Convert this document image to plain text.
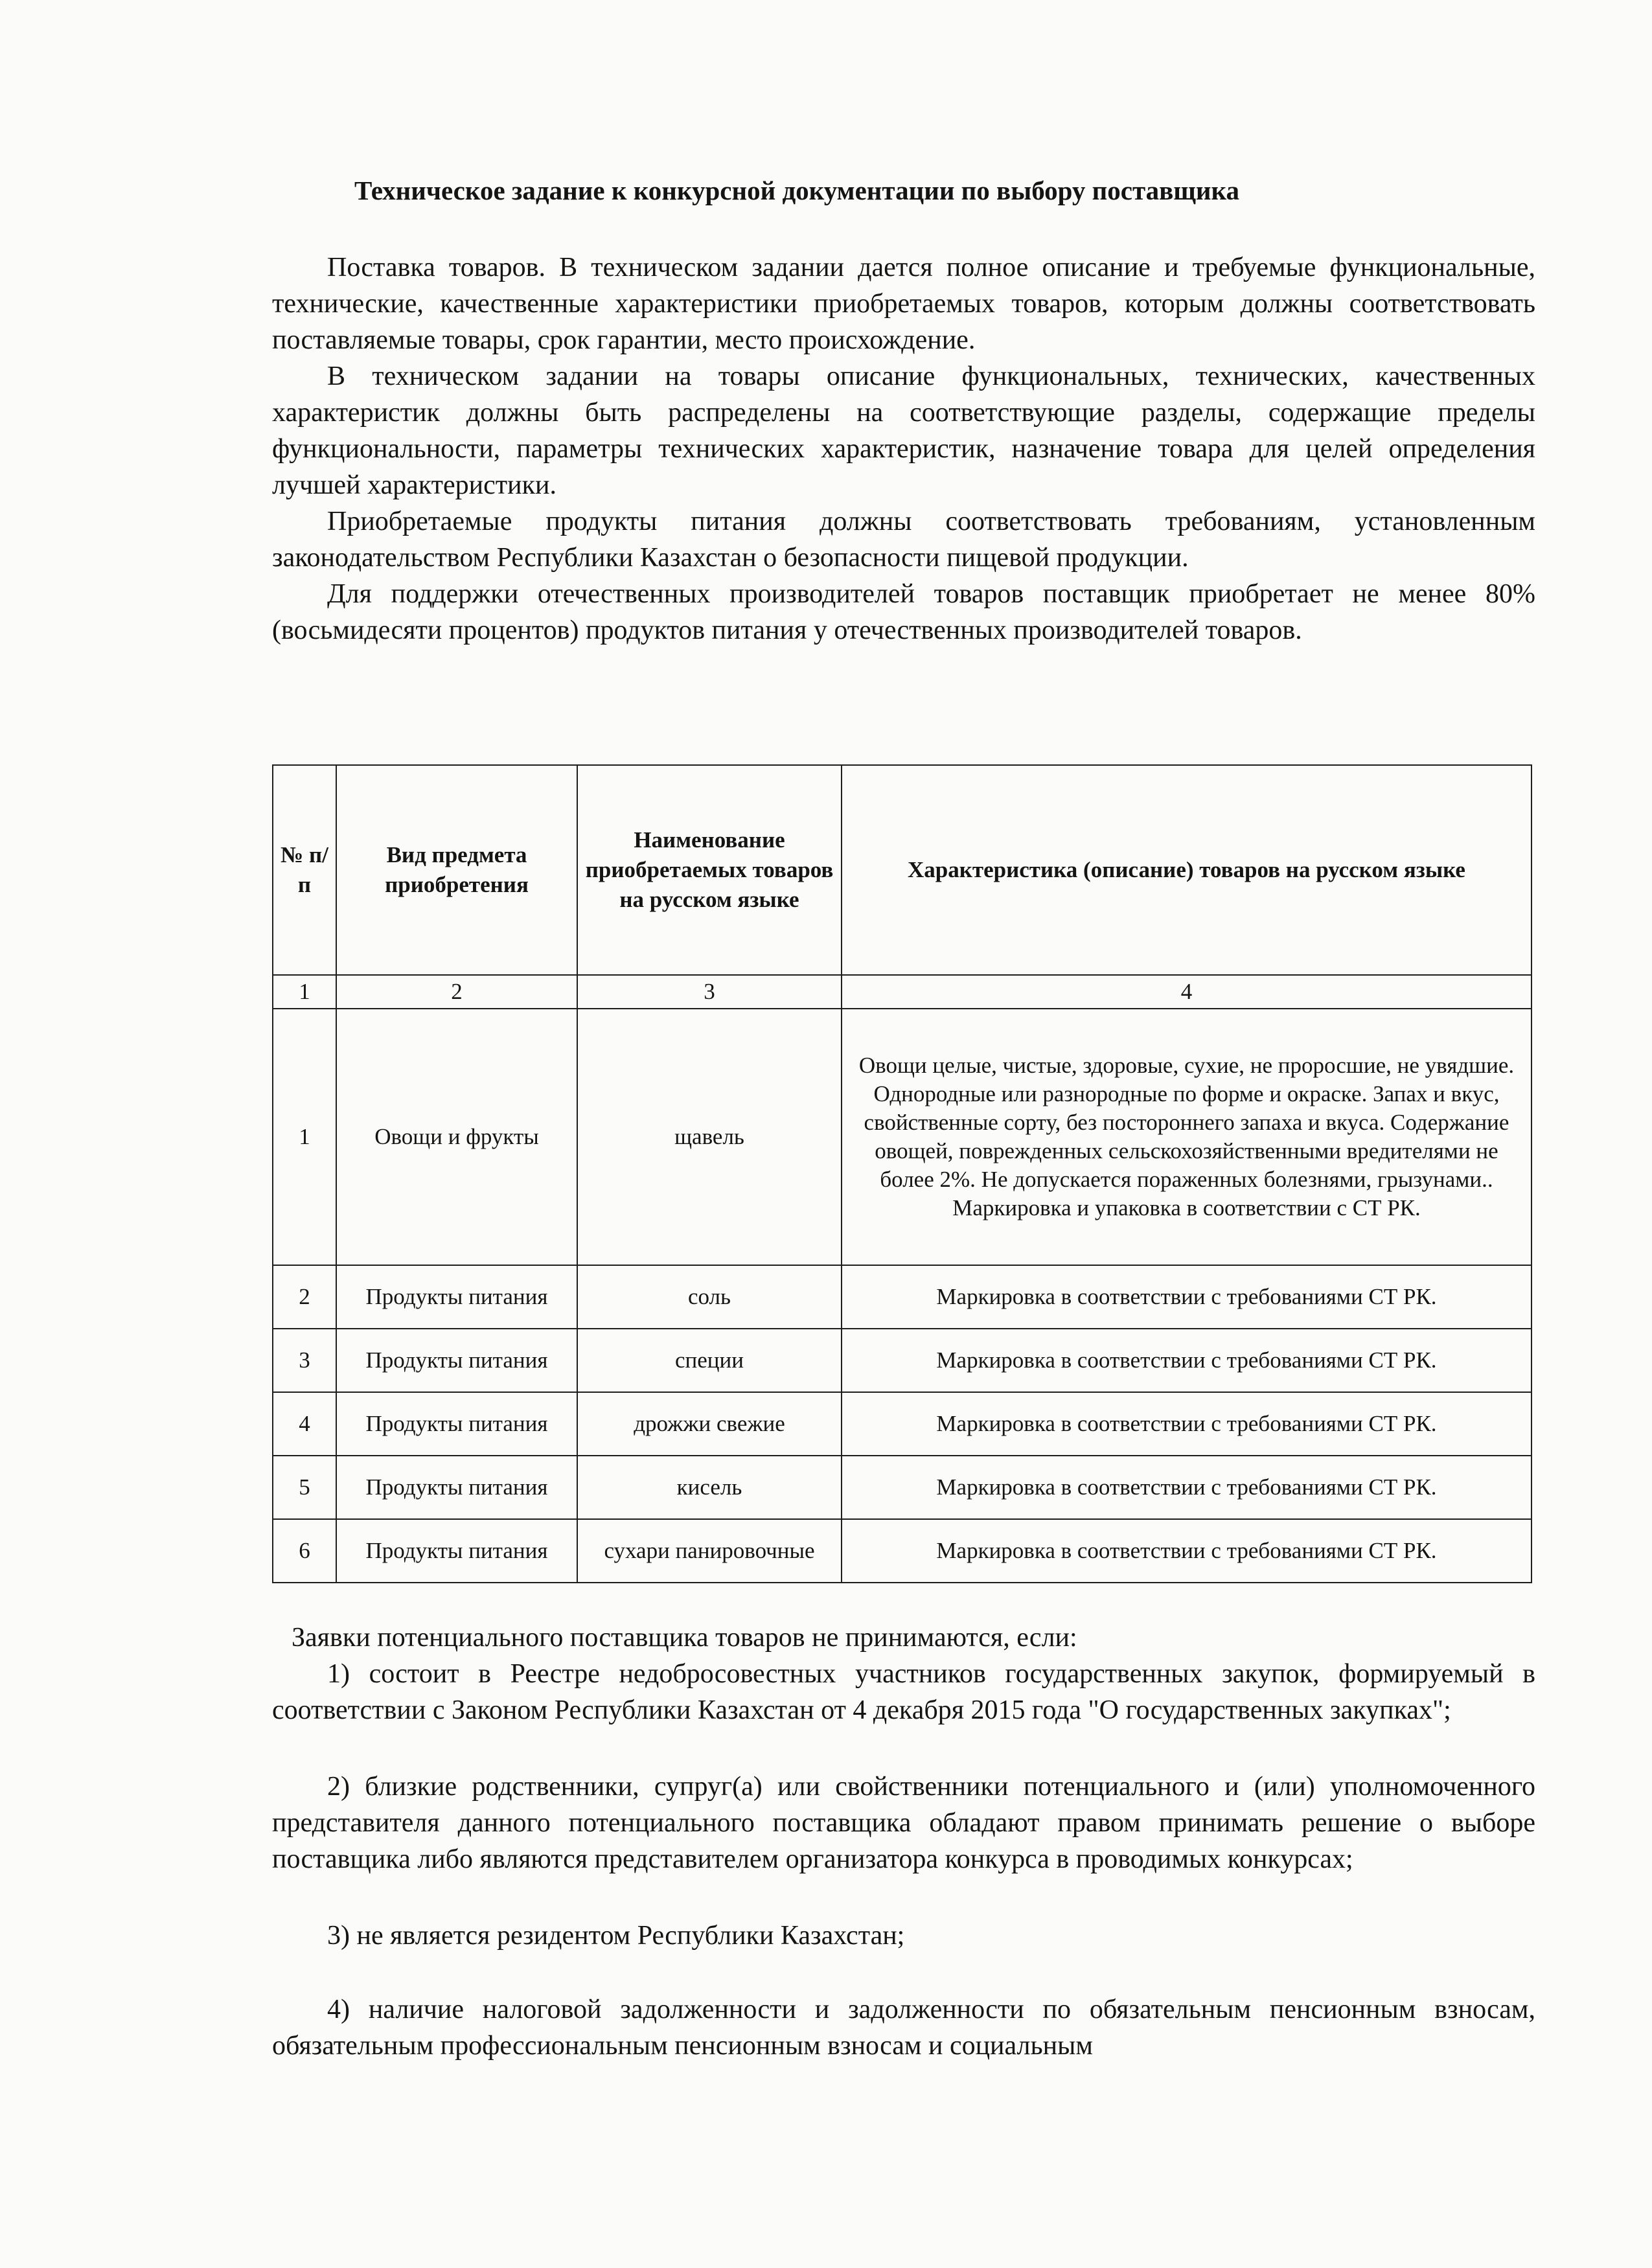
Техническое задание к конкурсной документации по выбору поставщика

Поставка товаров. В техническом задании дается полное описание и требуемые функциональные, технические, качественные характеристики приобретаемых товаров, которым должны соответствовать поставляемые товары, срок гарантии, место происхождение.

В техническом задании на товары описание функциональных, технических, качественных характеристик должны быть распределены на соответствующие разделы, содержащие пределы функциональности, параметры технических характеристик, назначение товара для целей определения лучшей характеристики.

Приобретаемые продукты питания должны соответствовать требованиям, установленным законодательством Республики Казахстан о безопасности пищевой продукции.

Для поддержки отечественных производителей товаров поставщик приобретает не менее 80% (восьмидесяти процентов) продуктов питания у отечественных производителей товаров.

№ п/п	Вид предмета приобретения	Наименование приобретаемых товаров на русском языке	Характеристика (описание) товаров на русском языке
1	2	3	4
1	Овощи и фрукты	щавель	Овощи целые, чистые, здоровые, сухие, не проросшие, не увядшие. Однородные или разнородные по форме и окраске. Запах и вкус, свойственные сорту, без постороннего запаха и вкуса. Содержание овощей, поврежденных сельскохозяйственными вредителями не более 2%. Не допускается пораженных болезнями, грызунами.. Маркировка и упаковка в соответствии с СТ РК.
2	Продукты питания	соль	Маркировка в соответствии с требованиями СТ РК.
3	Продукты питания	специи	Маркировка в соответствии с требованиями СТ РК.
4	Продукты питания	дрожжи свежие	Маркировка в соответствии с требованиями СТ РК.
5	Продукты питания	кисель	Маркировка в соответствии с требованиями СТ РК.
6	Продукты питания	сухари панировочные	Маркировка в соответствии с требованиями СТ РК.

Заявки потенциального поставщика товаров не принимаются, если:

1) состоит в Реестре недобросовестных участников государственных закупок, формируемый в соответствии с Законом Республики Казахстан от 4 декабря 2015 года "О государственных закупках";

2) близкие родственники, супруг(а) или свойственники потенциального и (или) уполномоченного представителя данного потенциального поставщика обладают правом принимать решение о выборе поставщика либо являются представителем организатора конкурса в проводимых конкурсах;

3) не является резидентом Республики Казахстан;

4) наличие налоговой задолженности и задолженности по обязательным пенсионным взносам, обязательным профессиональным пенсионным взносам и социальным
